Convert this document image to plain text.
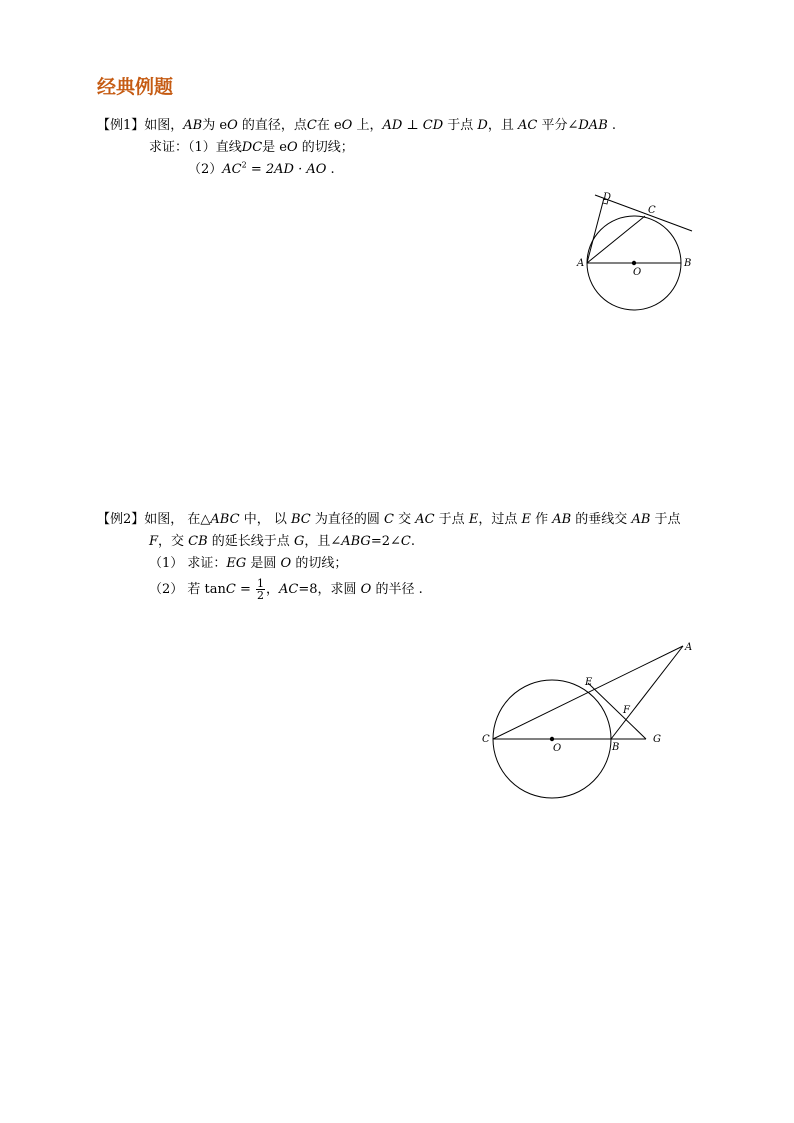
经典例题
【例1】如图，AB为 eO 的直径，点C在 eO 上，AD ⊥ CD 于点 D，且 AC 平分∠DAB .
求证：（1）直线DC是 eO 的切线；
$(2)AC^2 = 2AD$ · AO .
A	B
C
D
O
【例2】如图， 在△ABC 中， 以 BC 为直径的圆 C 交 AC 于点 E，过点 E 作 AB 的垂线交 AB 于点
F，交 CB 的延长线于点 G，且∠ABG=2∠C.
（1） 求证：EG 是圆 O 的切线；
（2） 若 $\tan C = \frac{1}{2}$ ，AC=8，求圆 O 的半径 .
A
B
C
E
F
G
O
